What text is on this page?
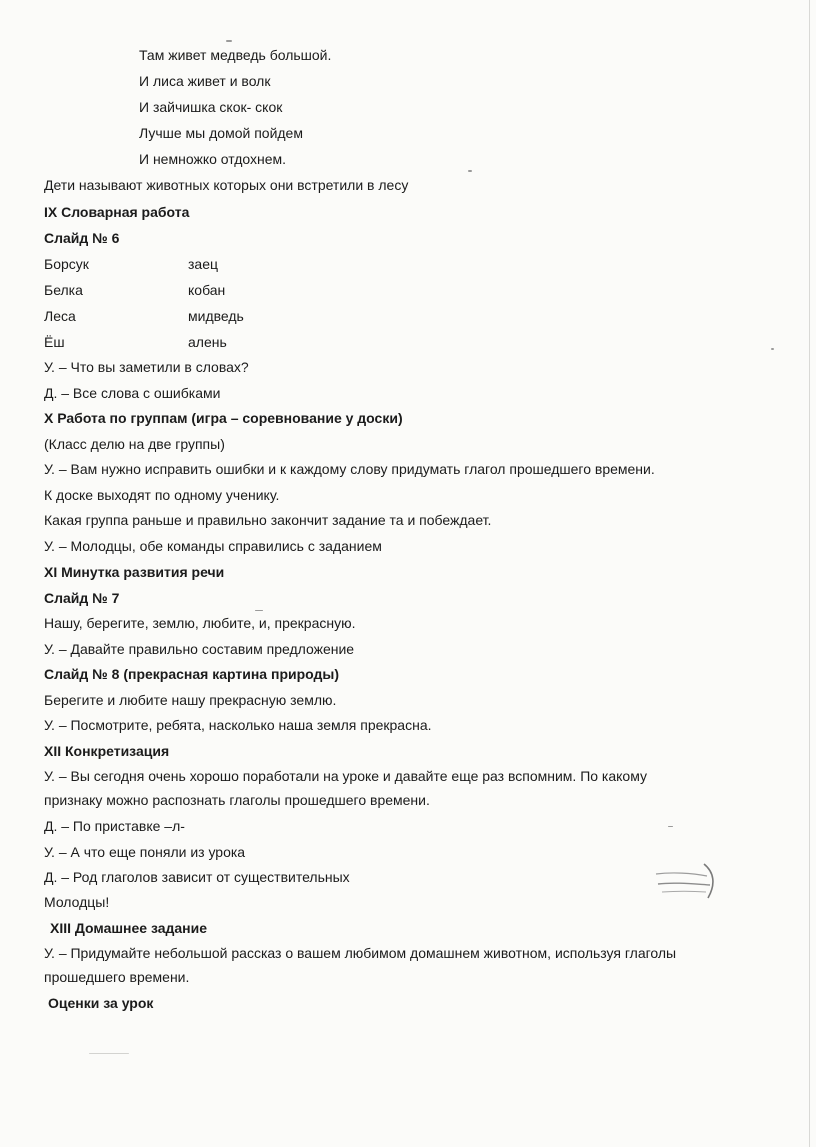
Там живет медведь большой.
И лиса живет и волк
И зайчишка скок- скок
Лучше мы домой пойдем
И немножко отдохнем.
Дети называют животных которых они встретили в лесу
IX Словарная работа
Слайд № 6
Борсук	заец
Белка	кобан
Леса	мидведь
Ёш	алень
У. – Что вы заметили в словах?
Д. – Все слова с ошибками
Х Работа по группам (игра – соревнование у доски)
(Класс делю на две группы)
У. – Вам нужно исправить ошибки и к каждому слову придумать глагол прошедшего времени.
К доске выходят по одному ученику.
Какая группа раньше и правильно закончит задание та и побеждает.
У. – Молодцы, обе команды справились с заданием
XI Минутка развития речи
Слайд № 7
Нашу, берегите, землю, любите, и, прекрасную.
У. – Давайте правильно составим предложение
Слайд № 8 (прекрасная картина природы)
Берегите и любите нашу прекрасную землю.
У. – Посмотрите, ребята, насколько наша земля прекрасна.
XII Конкретизация
У. – Вы сегодня очень хорошо поработали на уроке и давайте еще раз вспомним. По какому
признаку можно распознать глаголы прошедшего времени.
Д. – По приставке –л-
У. – А что еще поняли из урока
Д. – Род глаголов зависит от существительных
Молодцы!
XIII Домашнее задание
У. – Придумайте небольшой рассказ о вашем любимом домашнем животном, используя глаголы
прошедшего времени.
Оценки за урок
